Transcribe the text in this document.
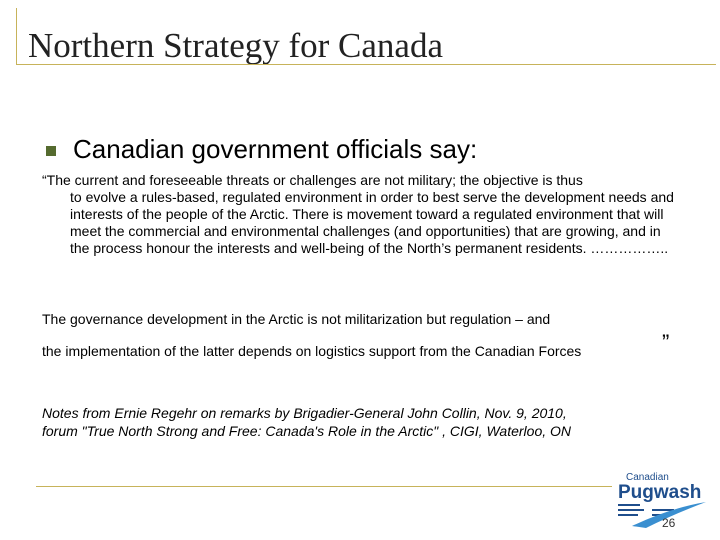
Northern Strategy for Canada
Canadian government officials say:
“The current and foreseeable threats or challenges are not military; the objective is thus
to evolve a rules-based, regulated environment in order to best serve the development needs and interests of the people of the Arctic. There is movement toward a regulated environment that will meet the commercial and environmental challenges (and opportunities) that are growing, and in the process honour the interests and well-being of the North’s permanent residents. ……………..
The governance development in the Arctic is not militarization but regulation – and
the implementation of the latter depends on logistics support from the Canadian Forces	”
Notes from Ernie Regehr on remarks by Brigadier-General John Collin, Nov. 9, 2010,
forum "True North Strong and Free: Canada's Role in the Arctic" , CIGI, Waterloo, ON
Canadian
Pugwash
26
